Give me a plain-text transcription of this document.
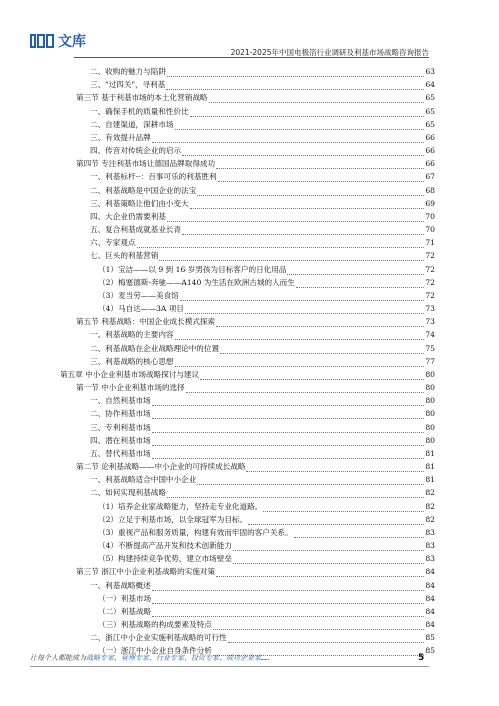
文库
2021-2025年中国电极箔行业调研及利基市场战略咨询报告
二、收购的魅力与陷阱	63
三、"过四关"，寻利基	64
第三节 基于利基市场的本土化营销战略	65
一、确保手机的质量和性价比	65
二、自建渠道，深耕市场	65
三、有效提升品牌	66
四、传音对传统企业的启示	66
第四节 专注利基市场让德国品牌取得成功	66
一、利基标杆--：百事可乐的利基胜利	67
二、利基战略是中国企业的法宝	68
三、利基策略让他们由小变大	69
四、大企业仍需要利基	70
五、复合利基成就基业长青	70
六、专家观点	71
七、巨头的利基营销	72
（1）宝洁——以 9 到 16 岁男孩为目标客户的日化用品	72
（2）梅塞德斯-奔驰——A140 为生活在欧洲古城的人而生	72
（3）麦当劳——美食馆	72
（4）马自达——3A 项目	73
第五节 利基战略：中国企业成长模式探索	73
一、利基战略的主要内容	74
二、利基战略在企业战略理论中的位置	75
三、利基战略的核心思想	77
第五章 中小企业利基市场战略探讨与建议	80
第一节 中小企业利基市场的选择	80
一、自然利基市场	80
二、协作利基市场	80
三、专利利基市场	80
四、潜在利基市场	80
五、替代利基市场	81
第二节 论利基战略——中小企业的可持续成长战略	81
一、利基战略适合中国中小企业	81
二、如何实现利基战略	82
（1）培养企业家战略能力，坚持走专业化道路。	82
（2）立足于利基市场，以全球冠军为目标。	82
（3）重视产品和服务质量，构建有效而牢固的客户关系。	83
（4）不断提高产品开发和技术创新能力	83
（5）构建持续竞争优势，建立市场壁垒	83
第三节 浙江中小企业利基战略的实施对策	84
一、利基战略概述	84
（一）利基市场	84
（二）利基战略	84
（三）利基战略的构成要素及特点	84
二、浙江中小企业实施利基战略的可行性	85
（一）浙江中小企业自身条件分析	85
让每个人都能成为战略专家、管理专家、行业专家、投资专家、成功企业家……	5
